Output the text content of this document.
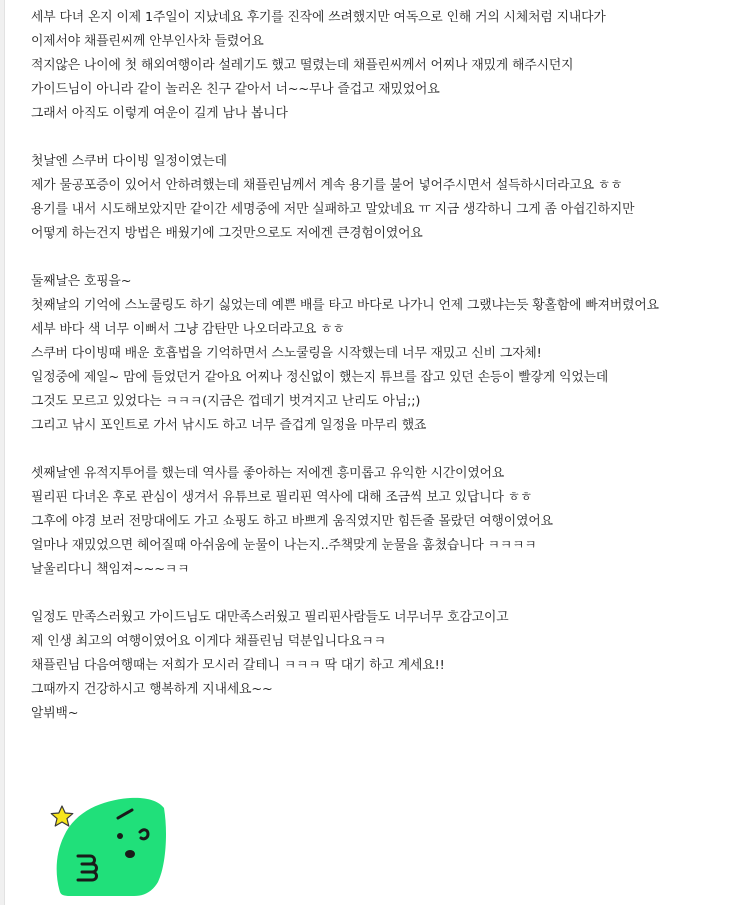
세부 다녀 온지 이제 1주일이 지났네요 후기를 진작에 쓰려했지만 여독으로 인해 거의 시체처럼 지내다가
이제서야 채플린씨께 안부인사차 들렸어요
적지않은 나이에 첫 해외여행이라 설레기도 했고 떨렸는데 채플린씨께서 어찌나 재밌게 해주시던지
가이드님이 아니라 같이 놀러온 친구 같아서 너~~무나 즐겁고 재밌었어요
그래서 아직도 이렇게 여운이 길게 남나 봅니다
첫날엔 스쿠버 다이빙 일정이였는데
제가 물공포증이 있어서 안하려했는데 채플린님께서 계속 용기를 불어 넣어주시면서 설득하시더라고요 ㅎㅎ
용기를 내서 시도해보았지만 같이간 세명중에 저만 실패하고 말았네요 ㅠ 지금 생각하니 그게 좀 아쉽긴하지만
어떻게 하는건지 방법은 배웠기에 그것만으로도 저에겐 큰경험이였어요
둘째날은 호핑을~
첫째날의 기억에 스노쿨링도 하기 싫었는데 예쁜 배를 타고 바다로 나가니 언제 그랬냐는듯 황홀함에 빠져버렸어요
세부 바다 색 너무 이뻐서 그냥 감탄만 나오더라고요 ㅎㅎ
스쿠버 다이빙때 배운 호흡법을 기억하면서 스노쿨링을 시작했는데 너무 재밌고 신비 그자체!
일정중에 제일~ 맘에 들었던거 같아요 어찌나 정신없이 했는지 튜브를 잡고 있던 손등이 빨갛게 익었는데
그것도 모르고 있었다는 ㅋㅋㅋ(지금은 껍데기 벗겨지고 난리도 아님;;)
그리고 낚시 포인트로 가서 낚시도 하고 너무 즐겁게 일정을 마무리 했죠
셋째날엔 유적지투어를 했는데 역사를 좋아하는 저에겐 흥미롭고 유익한 시간이였어요
필리핀 다녀온 후로 관심이 생겨서 유튜브로 필리핀 역사에 대해 조금씩 보고 있답니다 ㅎㅎ
그후에 야경 보러 전망대에도 가고 쇼핑도 하고 바쁘게 움직였지만 힘든줄 몰랐던 여행이였어요
얼마나 재밌었으면 헤어질때 아쉬움에 눈물이 나는지..주책맞게 눈물을 훔쳤습니다 ㅋㅋㅋㅋ
날울리다니 책임져~~~ㅋㅋ
일정도 만족스러웠고 가이드님도 대만족스러웠고 필리핀사람들도 너무너무 호감고이고
제 인생 최고의 여행이였어요 이게다 채플린님 덕분입니다요ㅋㅋ
채플린님 다음여행때는 저희가 모시러 갈테니 ㅋㅋㅋ 딱 대기 하고 계세요!!
그때까지 건강하시고 행복하게 지내세요~~
알뷔백~
